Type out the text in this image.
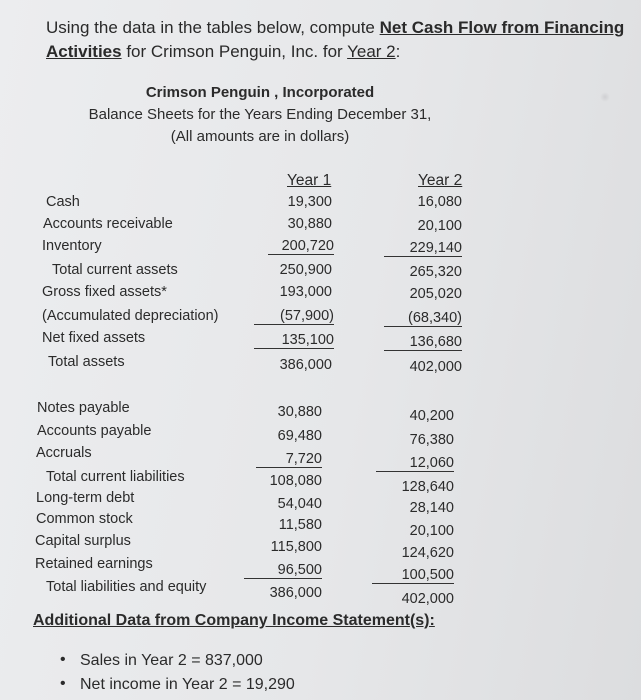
Using the data in the tables below, compute Net Cash Flow from Financing Activities for Crimson Penguin, Inc. for Year 2:
Crimson Penguin , Incorporated
Balance Sheets for the Years Ending December 31,
(All amounts are in dollars)
Year 1	Year 2
Cash	19,300	16,080
Accounts receivable	30,880	20,100
Inventory	200,720	229,140
Total current assets	250,900	265,320
Gross fixed assets*	193,000	205,020
(Accumulated depreciation)	(57,900)	(68,340)
Net fixed assets	135,100	136,680
Total assets	386,000	402,000
Notes payable	30,880	40,200
Accounts payable	69,480	76,380
Accruals	7,720	12,060
Total current liabilities	108,080	128,640
Long-term debt	54,040	28,140
Common stock	11,580	20,100
Capital surplus	115,800	124,620
Retained earnings	96,500	100,500
Total liabilities and equity	386,000	402,000
Additional Data from Company Income Statement(s):
• Sales in Year 2 = 837,000
• Net income in Year 2 = 19,290
